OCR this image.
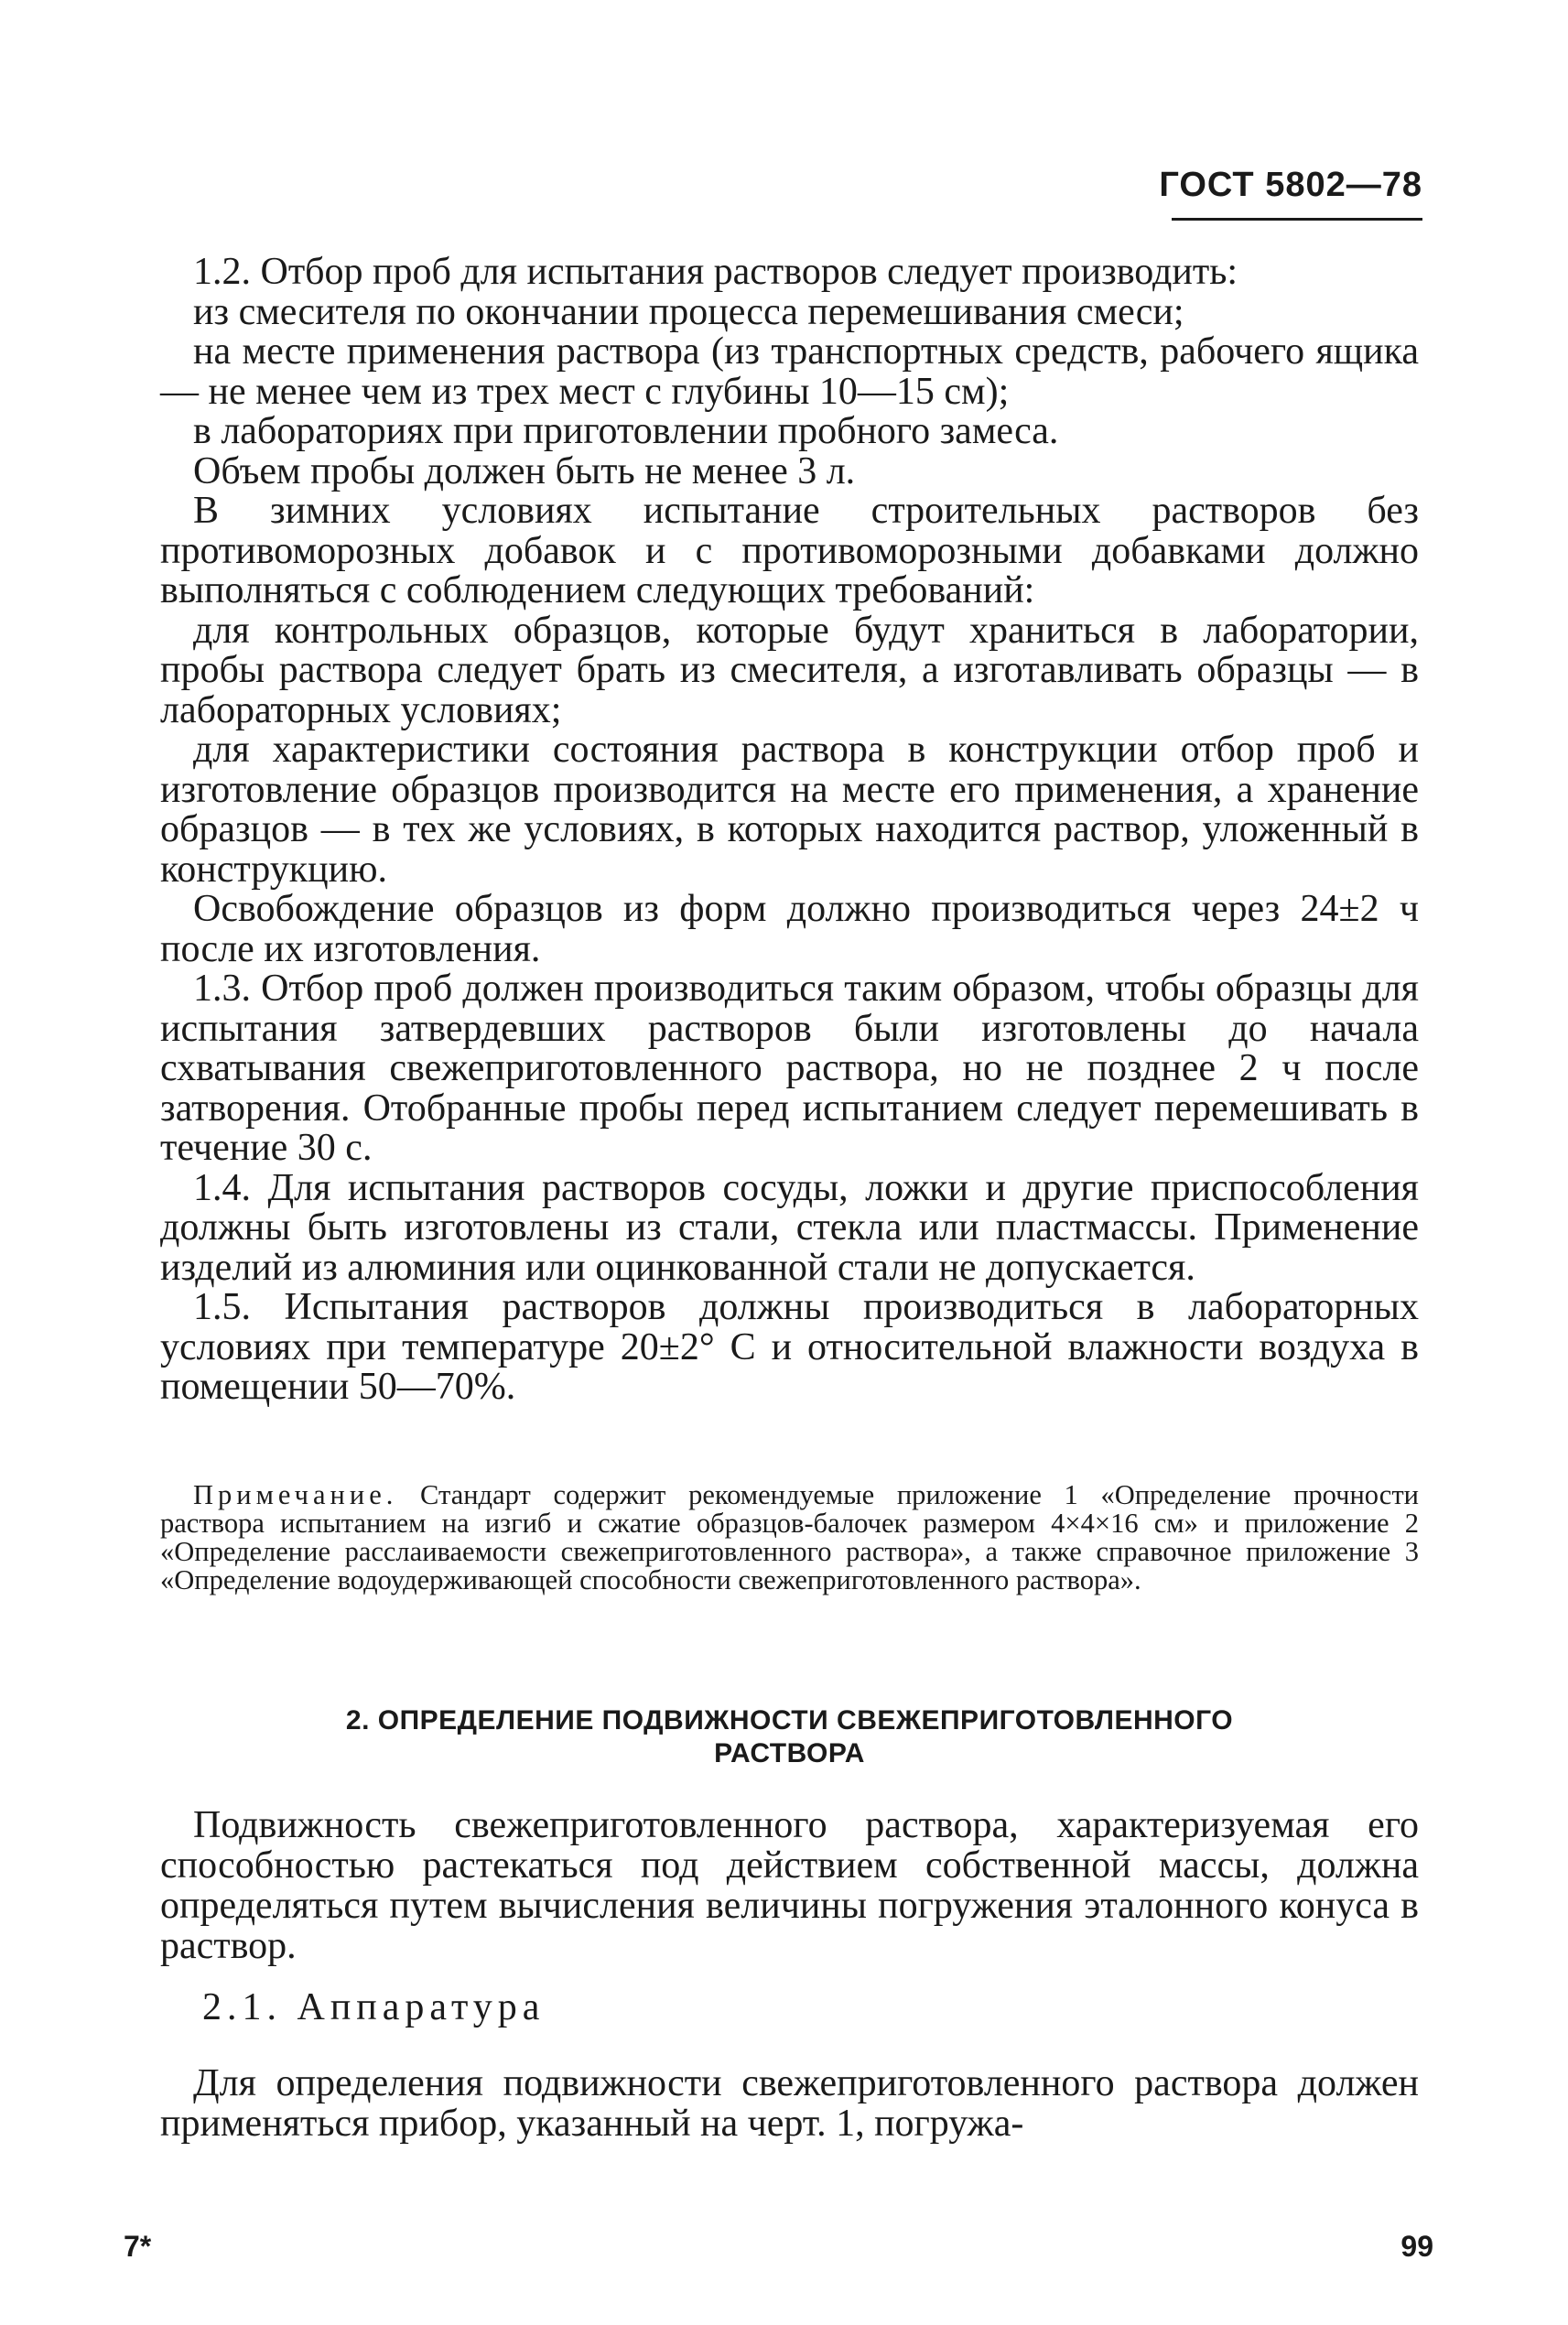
ГОСТ 5802—78

1.2. Отбор проб для испытания растворов следует производить:

из смесителя по окончании процесса перемешивания смеси;

на месте применения раствора (из транспортных средств, рабочего ящика — не менее чем из трех мест с глубины 10—15 см);

в лабораториях при приготовлении пробного замеса.

Объем пробы должен быть не менее 3 л.

В зимних условиях испытание строительных растворов без противоморозных добавок и с противоморозными добавками должно выполняться с соблюдением следующих требований:

для контрольных образцов, которые будут храниться в лаборатории, пробы раствора следует брать из смесителя, а изготавливать образцы — в лабораторных условиях;

для характеристики состояния раствора в конструкции отбор проб и изготовление образцов производится на месте его применения, а хранение образцов — в тех же условиях, в которых находится раствор, уложенный в конструкцию.

Освобождение образцов из форм должно производиться через 24±2 ч после их изготовления.

1.3. Отбор проб должен производиться таким образом, чтобы образцы для испытания затвердевших растворов были изготовлены до начала схватывания свежеприготовленного раствора, но не позднее 2 ч после затворения. Отобранные пробы перед испытанием следует перемешивать в течение 30 с.

1.4. Для испытания растворов сосуды, ложки и другие приспособления должны быть изготовлены из стали, стекла или пластмассы. Применение изделий из алюминия или оцинкованной стали не допускается.

1.5. Испытания растворов должны производиться в лабораторных условиях при температуре 20±2° С и относительной влажности воздуха в помещении 50—70%.

Примечание. Стандарт содержит рекомендуемые приложение 1 «Определение прочности раствора испытанием на изгиб и сжатие образцов-балочек размером 4×4×16 см» и приложение 2 «Определение расслаиваемости свежеприготовленного раствора», а также справочное приложение 3 «Определение водоудерживающей способности свежеприготовленного раствора».

2. ОПРЕДЕЛЕНИЕ ПОДВИЖНОСТИ СВЕЖЕПРИГОТОВЛЕННОГО
РАСТВОРА

Подвижность свежеприготовленного раствора, характеризуемая его способностью растекаться под действием собственной массы, должна определяться путем вычисления величины погружения эталонного конуса в раствор.

2.1. Аппаратура

Для определения подвижности свежеприготовленного раствора должен применяться прибор, указанный на черт. 1, погружа-

7*	99
